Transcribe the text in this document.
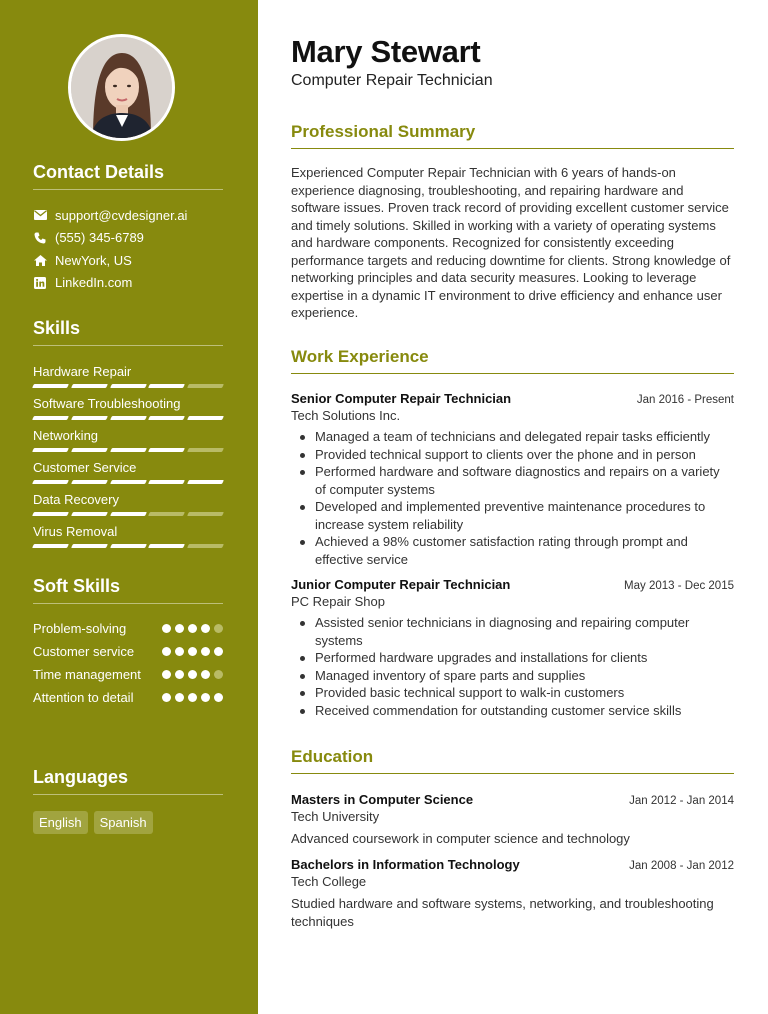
Contact Details
support@cvdesigner.ai
(555) 345-6789
NewYork, US
LinkedIn.com
Skills
Hardware Repair
Software Troubleshooting
Networking
Customer Service
Data Recovery
Virus Removal
Soft Skills
Problem-solving
Customer service
Time management
Attention to detail
Languages
English	Spanish
Mary Stewart
Computer Repair Technician
Professional Summary

Experienced Computer Repair Technician with 6 years of hands-on experience diagnosing, troubleshooting, and repairing hardware and software issues. Proven track record of providing excellent customer service and timely solutions. Skilled in working with a variety of operating systems and hardware components. Recognized for consistently exceeding performance targets and reducing downtime for clients. Strong knowledge of networking principles and data security measures. Looking to leverage expertise in a dynamic IT environment to drive efficiency and enhance user experience.

Work Experience
Senior Computer Repair Technician	Jan 2016 - Present
Tech Solutions Inc.
Managed a team of technicians and delegated repair tasks efficiently
Provided technical support to clients over the phone and in person
Performed hardware and software diagnostics and repairs on a variety of computer systems
Developed and implemented preventive maintenance procedures to increase system reliability
Achieved a 98% customer satisfaction rating through prompt and effective service
Junior Computer Repair Technician	May 2013 - Dec 2015
PC Repair Shop
Assisted senior technicians in diagnosing and repairing computer systems
Performed hardware upgrades and installations for clients
Managed inventory of spare parts and supplies
Provided basic technical support to walk-in customers
Received commendation for outstanding customer service skills
Education
Masters in Computer Science	Jan 2012 - Jan 2014
Tech University

Advanced coursework in computer science and technology

Bachelors in Information Technology	Jan 2008 - Jan 2012
Tech College

Studied hardware and software systems, networking, and troubleshooting techniques
